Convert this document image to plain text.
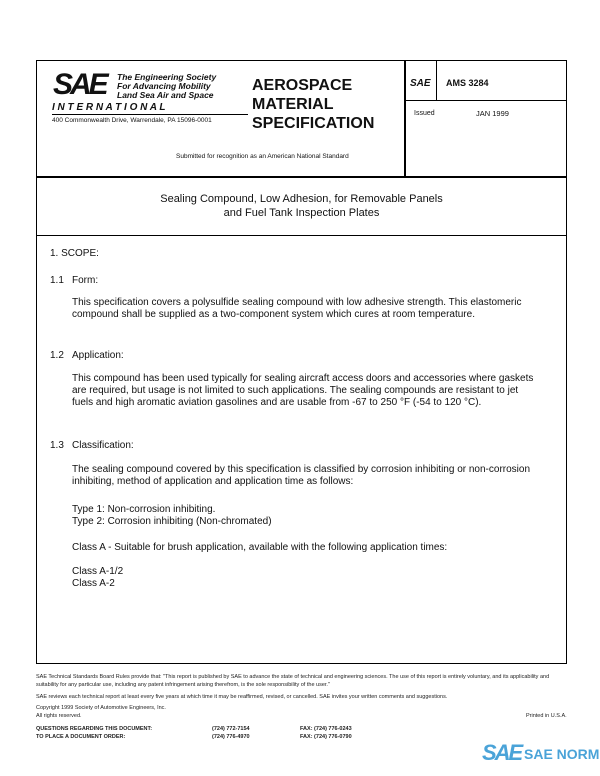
SAE The Engineering Society
For Advancing Mobility
Land Sea Air and Space
I N T E R N A T I O N A L
400 Commonwealth Drive, Warrendale, PA 15096-0001
AEROSPACE
MATERIAL
SPECIFICATION
Submitted for recognition as an American National Standard
SAE AMS 3284
Issued	JAN 1999
Sealing Compound, Low Adhesion, for Removable Panels
and Fuel Tank Inspection Plates
1. SCOPE:
1.1 Form:
This specification covers a polysulfide sealing compound with low adhesive strength. This elastomeric compound shall be supplied as a two-component system which cures at room temperature.
1.2 Application:
This compound has been used typically for sealing aircraft access doors and accessories where gaskets are required, but usage is not limited to such applications. The sealing compounds are resistant to jet fuels and high aromatic aviation gasolines and are usable from -67 to 250 °F (-54 to 120 °C).
1.3 Classification:
The sealing compound covered by this specification is classified by corrosion inhibiting or non-corrosion inhibiting, method of application and application time as follows:
Type 1: Non-corrosion inhibiting.
Type 2: Corrosion inhibiting (Non-chromated)
Class A - Suitable for brush application, available with the following application times:
Class A-1/2
Class A-2
SAE Technical Standards Board Rules provide that: "This report is published by SAE to advance the state of technical and engineering sciences. The use of this report is entirely voluntary, and its applicability and suitability for any particular use, including any patent infringement arising therefrom, is the sole responsibility of the user."
SAE reviews each technical report at least every five years at which time it may be reaffirmed, revised, or cancelled. SAE invites your written comments and suggestions.
Copyright 1999 Society of Automotive Engineers, Inc.
All rights reserved.	Printed in U.S.A.
QUESTIONS REGARDING THIS DOCUMENT:	(724) 772-7154	FAX: (724) 776-0243
TO PLACE A DOCUMENT ORDER:	(724) 776-4970	FAX: (724) 776-0790
SAE SAE NORM
